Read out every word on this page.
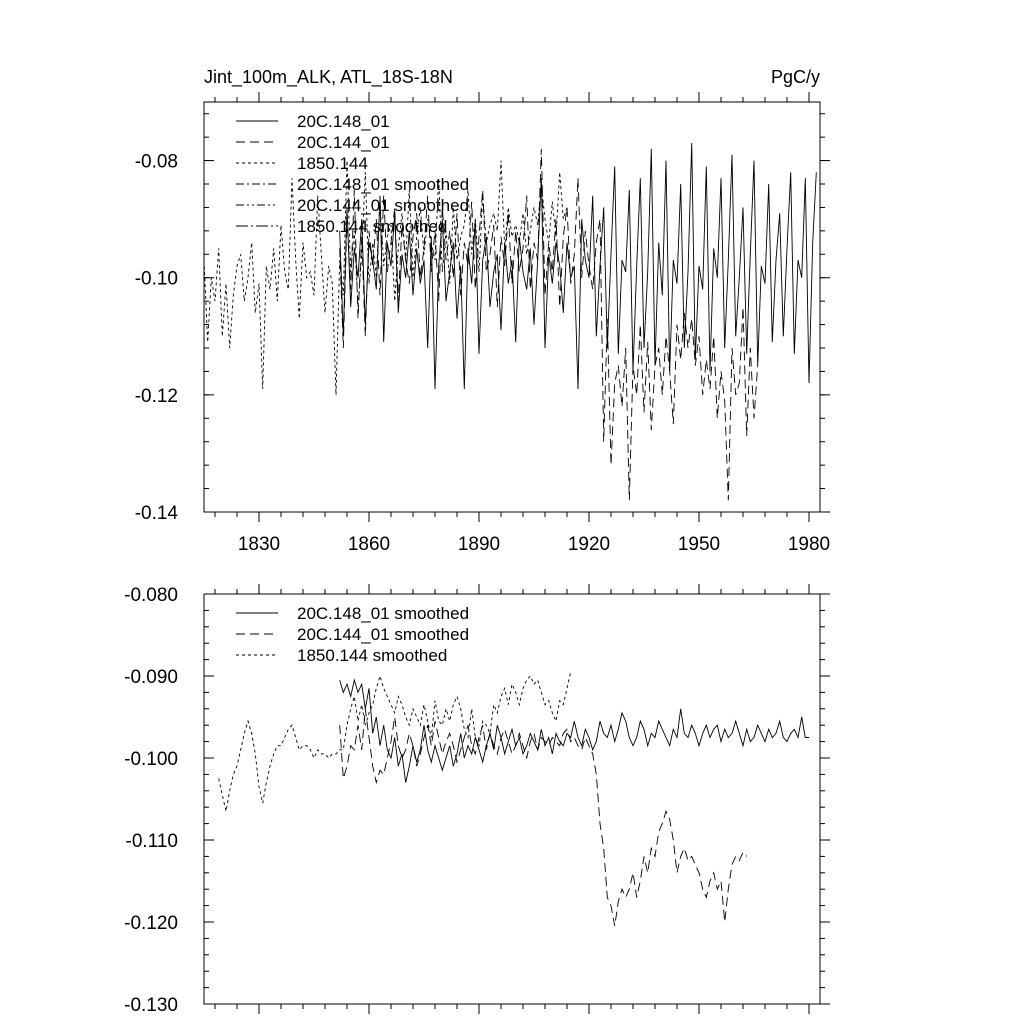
Jint_100m_ALK, ATL_18S-18N	PgC/y
1830	1860	1890	1920	1950	1980
-0.14
-0.12
-0.10
-0.08
20C.148_01
20C.144_01
1850.144
20C.148_01 smoothed
20C.144_01 smoothed
1850.144 smoothed
-0.130
-0.120
-0.110
-0.100
-0.090
-0.080
20C.148_01 smoothed
20C.144_01 smoothed
1850.144 smoothed
